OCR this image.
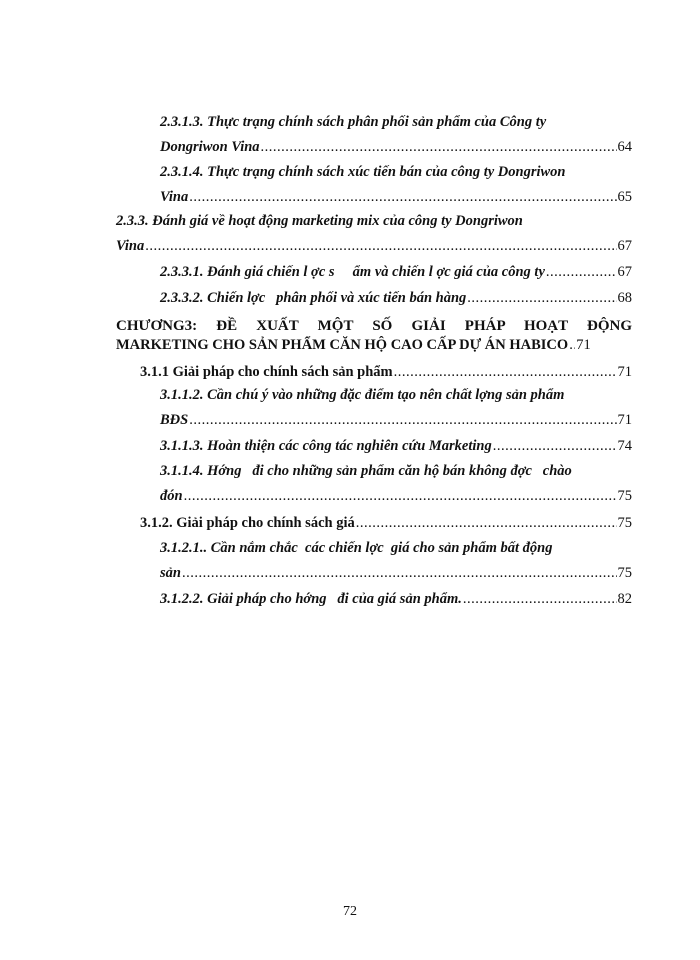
2.3.1.3. Thực trạng chính sách phân phối sản phẩm của Công ty
Dongriwon Vina .....	64
2.3.1.4. Thực trạng chính sách xúc tiến bán của công ty Dongriwon
Vina .....	65
2.3.3. Đánh giá về hoạt động marketing mix của công ty Dongriwon
Vina .....	67
2.3.3.1. Đánh giá chiến l ợc s     ẩm và chiến l ợc giá của công ty .....	67
2.3.3.2. Chiến lợc   phân phối và xúc tiến bán hàng .....	68
CHƯƠNG3: ĐỀ XUẤT MỘT SỐ GIẢI PHÁP HOẠT ĐỘNG
MARKETING CHO SẢN PHẨM CĂN HỘ CAO CẤP DỰ ÁN HABICO ..... 71
3.1.1 Giải pháp cho chính sách sản phẩm .....	71
3.1.1.2. Cần chú ý vào những đặc điểm tạo nên chất lợng sản phẩm
BĐS .....	71
3.1.1.3. Hoàn thiện các công tác nghiên cứu Marketing .....	74
3.1.1.4. Hớng   đi cho những sản phẩm căn hộ bán không đợc   chào
đón .....	75
3.1.2. Giải pháp cho chính sách giá .....	75
3.1.2.1.. Cần nắm chắc  các chiến lợc  giá cho sản phẩm bất động
sản .....	75
3.1.2.2. Giải pháp cho hớng   đi của giá sản phẩm. .....	82
72
